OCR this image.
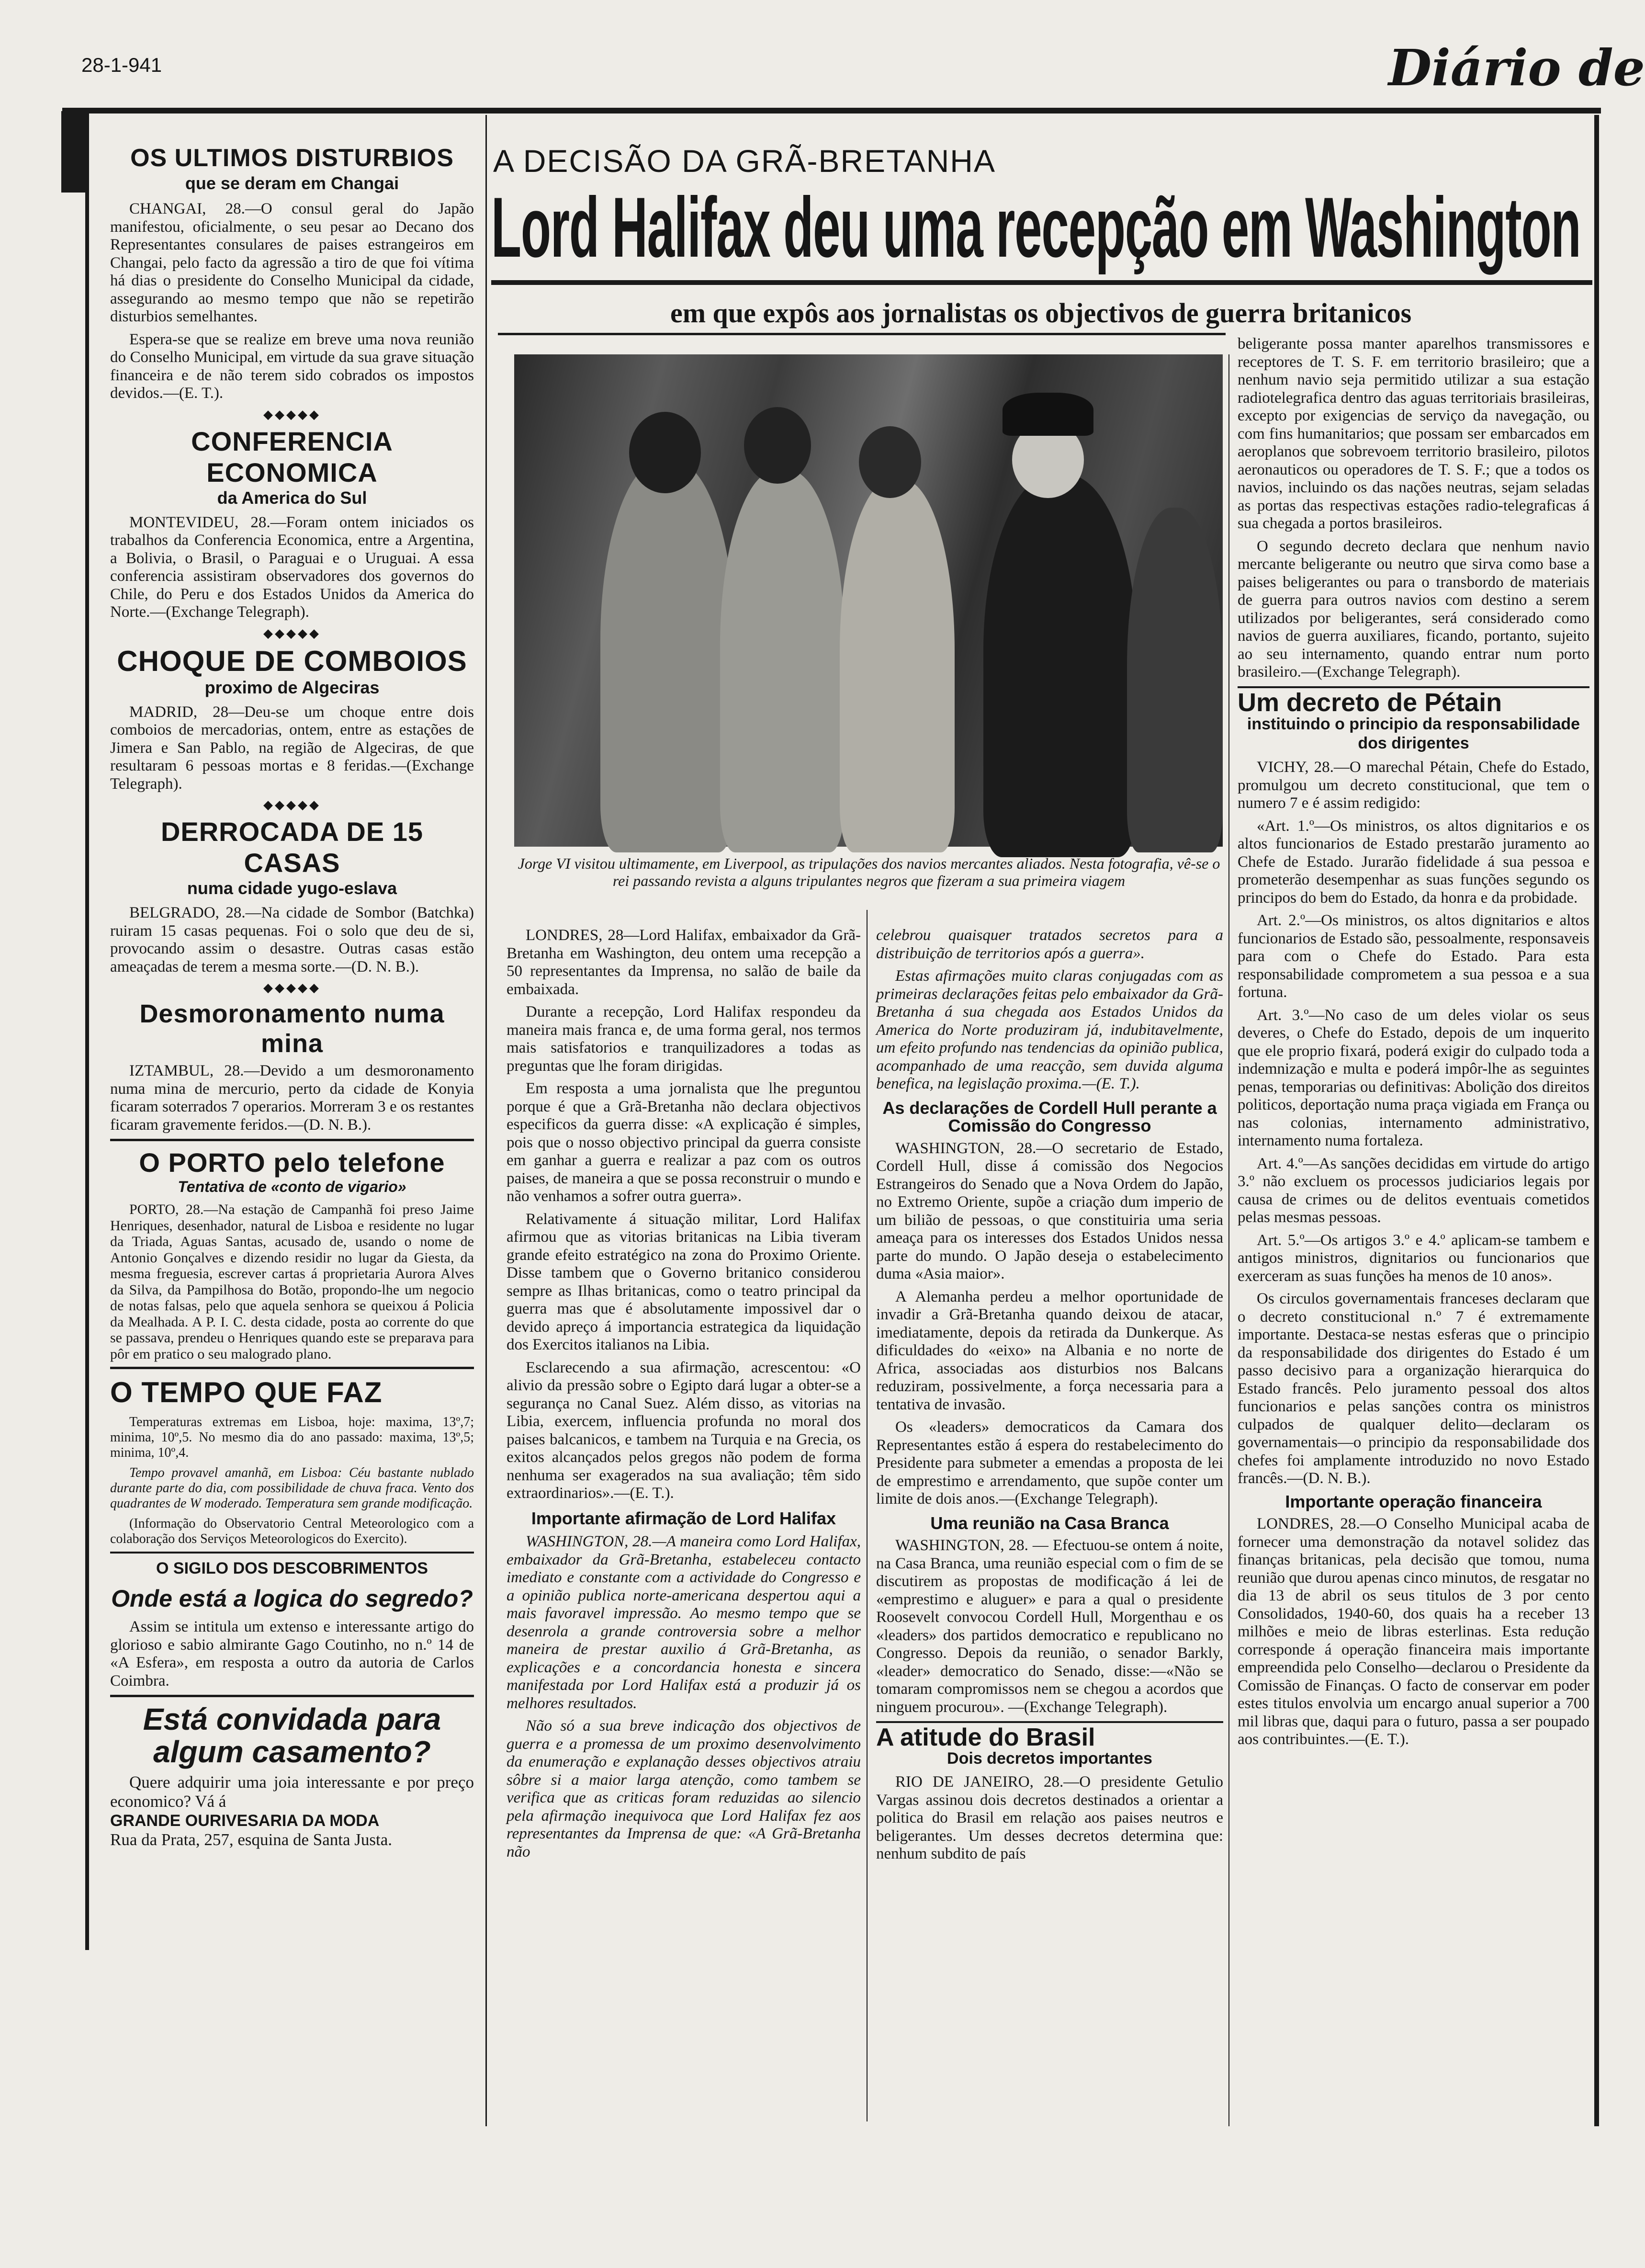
28-1-941	Diário de
OS ULTIMOS DISTURBIOS
que se deram em Changai

CHANGAI, 28.—O consul geral do Japão manifestou, oficialmente, o seu pesar ao Decano dos Representantes consulares de paises estrangeiros em Changai, pelo facto da agressão a tiro de que foi vítima há dias o presidente do Conselho Municipal da cidade, assegurando ao mesmo tempo que não se repetirão disturbios semelhantes.

Espera-se que se realize em breve uma nova reunião do Conselho Municipal, em virtude da sua grave situação financeira e de não terem sido cobrados os impostos devidos.—(E. T.).

◆◆◆◆◆
CONFERENCIA ECONOMICA
da America do Sul

MONTEVIDEU, 28.—Foram ontem iniciados os trabalhos da Conferencia Economica, entre a Argentina, a Bolivia, o Brasil, o Paraguai e o Uruguai. A essa conferencia assistiram observadores dos governos do Chile, do Peru e dos Estados Unidos da America do Norte.—(Exchange Telegraph).

◆◆◆◆◆
CHOQUE DE COMBOIOS
proximo de Algeciras

MADRID, 28—Deu-se um choque entre dois comboios de mercadorias, ontem, entre as estações de Jimera e San Pablo, na região de Algeciras, de que resultaram 6 pessoas mortas e 8 feridas.—(Exchange Telegraph).

◆◆◆◆◆
DERROCADA DE 15 CASAS
numa cidade yugo-eslava

BELGRADO, 28.—Na cidade de Sombor (Batchka) ruiram 15 casas pequenas. Foi o solo que deu de si, provocando assim o desastre. Outras casas estão ameaçadas de terem a mesma sorte.—(D. N. B.).

◆◆◆◆◆
Desmoronamento numa mina

IZTAMBUL, 28.—Devido a um desmoronamento numa mina de mercurio, perto da cidade de Konyia ficaram soterrados 7 operarios. Morreram 3 e os restantes ficaram gravemente feridos.—(D. N. B.).

O PORTO pelo telefone
Tentativa de «conto de vigario»

PORTO, 28.—Na estação de Campanhã foi preso Jaime Henriques, desenhador, natural de Lisboa e residente no lugar da Triada, Aguas Santas, acusado de, usando o nome de Antonio Gonçalves e dizendo residir no lugar da Giesta, da mesma freguesia, escrever cartas á proprietaria Aurora Alves da Silva, da Pampilhosa do Botão, propondo-lhe um negocio de notas falsas, pelo que aquela senhora se queixou á Policia da Mealhada. A P. I. C. desta cidade, posta ao corrente do que se passava, prendeu o Henriques quando este se preparava para pôr em pratico o seu malogrado plano.

O TEMPO QUE FAZ

Temperaturas extremas em Lisboa, hoje: maxima, 13º,7; minima, 10º,5. No mesmo dia do ano passado: maxima, 13º,5; minima, 10º,4.

Tempo provavel amanhã, em Lisboa: Céu bastante nublado durante parte do dia, com possibilidade de chuva fraca. Vento dos quadrantes de W moderado. Temperatura sem grande modificação.

(Informação do Observatorio Central Meteorologico com a colaboração dos Serviços Meteorologicos do Exercito).

O SIGILO DOS DESCOBRIMENTOS
Onde está a logica do segredo?

Assim se intitula um extenso e interessante artigo do glorioso e sabio almirante Gago Coutinho, no n.º 14 de «A Esfera», em resposta a outro da autoria de Carlos Coimbra.

Está convidada para algum casamento?
Quere adquirir uma joia interessante e por preço economico? Vá á
GRANDE OURIVESARIA DA MODA
Rua da Prata, 257, esquina de Santa Justa.
A DECISÃO DA GRÃ-BRETANHA
Lord Halifax deu uma recepção em Washington
em que expôs aos jornalistas os objectivos de guerra britanicos
Jorge VI visitou ultimamente, em Liverpool, as tripulações dos navios mercantes aliados. Nesta fotografia, vê-se o rei passando revista a alguns tripulantes negros que fizeram a sua primeira viagem

LONDRES, 28—Lord Halifax, embaixador da Grã-Bretanha em Washington, deu ontem uma recepção a 50 representantes da Imprensa, no salão de baile da embaixada.

Durante a recepção, Lord Halifax respondeu da maneira mais franca e, de uma forma geral, nos termos mais satisfatorios e tranquilizadores a todas as preguntas que lhe foram dirigidas.

Em resposta a uma jornalista que lhe preguntou porque é que a Grã-Bretanha não declara objectivos especificos da guerra disse: «A explicação é simples, pois que o nosso objectivo principal da guerra consiste em ganhar a guerra e realizar a paz com os outros paises, de maneira a que se possa reconstruir o mundo e não venhamos a sofrer outra guerra».

Relativamente á situação militar, Lord Halifax afirmou que as vitorias britanicas na Libia tiveram grande efeito estratégico na zona do Proximo Oriente. Disse tambem que o Governo britanico considerou sempre as Ilhas britanicas, como o teatro principal da guerra mas que é absolutamente impossivel dar o devido apreço á importancia estrategica da liquidação dos Exercitos italianos na Libia.

Esclarecendo a sua afirmação, acrescentou: «O alivio da pressão sobre o Egipto dará lugar a obter-se a segurança no Canal Suez. Além disso, as vitorias na Libia, exercem, influencia profunda no moral dos paises balcanicos, e tambem na Turquia e na Grecia, os exitos alcançados pelos gregos não podem de forma nenhuma ser exagerados na sua avaliação; têm sido extraordinarios».—(E. T.).

Importante afirmação de Lord Halifax

WASHINGTON, 28.—A maneira como Lord Halifax, embaixador da Grã-Bretanha, estabeleceu contacto imediato e constante com a actividade do Congresso e a opinião publica norte-americana despertou aqui a mais favoravel impressão. Ao mesmo tempo que se desenrola a grande controversia sobre a melhor maneira de prestar auxilio á Grã-Bretanha, as explicações e a concordancia honesta e sincera manifestada por Lord Halifax está a produzir já os melhores resultados.

Não só a sua breve indicação dos objectivos de guerra e a promessa de um proximo desenvolvimento da enumeração e explanação desses objectivos atraiu sôbre si a maior larga atenção, como tambem se verifica que as criticas foram reduzidas ao silencio pela afirmação inequivoca que Lord Halifax fez aos representantes da Imprensa de que: «A Grã-Bretanha não

celebrou quaisquer tratados secretos para a distribuição de territorios após a guerra».

Estas afirmações muito claras conjugadas com as primeiras declarações feitas pelo embaixador da Grã-Bretanha á sua chegada aos Estados Unidos da America do Norte produziram já, indubitavelmente, um efeito profundo nas tendencias da opinião publica, acompanhado de uma reacção, sem duvida alguma benefica, na legislação proxima.—(E. T.).

As declarações de Cordell Hull perante a Comissão do Congresso

WASHINGTON, 28.—O secretario de Estado, Cordell Hull, disse á comissão dos Negocios Estrangeiros do Senado que a Nova Ordem do Japão, no Extremo Oriente, supõe a criação dum imperio de um bilião de pessoas, o que constituiria uma seria ameaça para os interesses dos Estados Unidos nessa parte do mundo. O Japão deseja o estabelecimento duma «Asia maior».

A Alemanha perdeu a melhor oportunidade de invadir a Grã-Bretanha quando deixou de atacar, imediatamente, depois da retirada da Dunkerque. As dificuldades do «eixo» na Albania e no norte de Africa, associadas aos disturbios nos Balcans reduziram, possivelmente, a força necessaria para a tentativa de invasão.

Os «leaders» democraticos da Camara dos Representantes estão á espera do restabelecimento do Presidente para submeter a emendas a proposta de lei de emprestimo e arrendamento, que supõe conter um limite de dois anos.—(Exchange Telegraph).

Uma reunião na Casa Branca

WASHINGTON, 28. — Efectuou-se ontem á noite, na Casa Branca, uma reunião especial com o fim de se discutirem as propostas de modificação á lei de «emprestimo e aluguer» e para a qual o presidente Roosevelt convocou Cordell Hull, Morgenthau e os «leaders» dos partidos democratico e republicano no Congresso. Depois da reunião, o senador Barkly, «leader» democratico do Senado, disse:—«Não se tomaram compromissos nem se chegou a acordos que ninguem procurou». —(Exchange Telegraph).

A atitude do Brasil
Dois decretos importantes

RIO DE JANEIRO, 28.—O presidente Getulio Vargas assinou dois decretos destinados a orientar a politica do Brasil em relação aos paises neutros e beligerantes. Um desses decretos determina que: nenhum subdito de país

beligerante possa manter aparelhos transmissores e receptores de T. S. F. em territorio brasileiro; que a nenhum navio seja permitido utilizar a sua estação radiotelegrafica dentro das aguas territoriais brasileiras, excepto por exigencias de serviço da navegação, ou com fins humanitarios; que possam ser embarcados em aeroplanos que sobrevoem territorio brasileiro, pilotos aeronauticos ou operadores de T. S. F.; que a todos os navios, incluindo os das nações neutras, sejam seladas as portas das respectivas estações radio-telegraficas á sua chegada a portos brasileiros.

O segundo decreto declara que nenhum navio mercante beligerante ou neutro que sirva como base a paises beligerantes ou para o transbordo de materiais de guerra para outros navios com destino a serem utilizados por beligerantes, será considerado como navios de guerra auxiliares, ficando, portanto, sujeito ao seu internamento, quando entrar num porto brasileiro.—(Exchange Telegraph).

Um decreto de Pétain
instituindo o principio da responsabilidade dos dirigentes

VICHY, 28.—O marechal Pétain, Chefe do Estado, promulgou um decreto constitucional, que tem o numero 7 e é assim redigido:

«Art. 1.º—Os ministros, os altos dignitarios e os altos funcionarios de Estado prestarão juramento ao Chefe de Estado. Jurarão fidelidade á sua pessoa e prometerão desempenhar as suas funções segundo os principos do bem do Estado, da honra e da probidade.

Art. 2.º—Os ministros, os altos dignitarios e altos funcionarios de Estado são, pessoalmente, responsaveis para com o Chefe do Estado. Para esta responsabilidade comprometem a sua pessoa e a sua fortuna.

Art. 3.º—No caso de um deles violar os seus deveres, o Chefe do Estado, depois de um inquerito que ele proprio fixará, poderá exigir do culpado toda a indemnização e multa e poderá impôr-lhe as seguintes penas, temporarias ou definitivas: Abolição dos direitos politicos, deportação numa praça vigiada em França ou nas colonias, internamento administrativo, internamento numa fortaleza.

Art. 4.º—As sanções decididas em virtude do artigo 3.º não excluem os processos judiciarios legais por causa de crimes ou de delitos eventuais cometidos pelas mesmas pessoas.

Art. 5.º—Os artigos 3.º e 4.º aplicam-se tambem e antigos ministros, dignitarios ou funcionarios que exerceram as suas funções ha menos de 10 anos».

Os circulos governamentais franceses declaram que o decreto constitucional n.º 7 é extremamente importante. Destaca-se nestas esferas que o principio da responsabilidade dos dirigentes do Estado é um passo decisivo para a organização hierarquica do Estado francês. Pelo juramento pessoal dos altos funcionarios e pelas sanções contra os ministros culpados de qualquer delito—declaram os governamentais—o principio da responsabilidade dos chefes foi amplamente introduzido no novo Estado francês.—(D. N. B.).

Importante operação financeira

LONDRES, 28.—O Conselho Municipal acaba de fornecer uma demonstração da notavel solidez das finanças britanicas, pela decisão que tomou, numa reunião que durou apenas cinco minutos, de resgatar no dia 13 de abril os seus titulos de 3 por cento Consolidados, 1940-60, dos quais ha a receber 13 milhões e meio de libras esterlinas. Esta redução corresponde á operação financeira mais importante empreendida pelo Conselho—declarou o Presidente da Comissão de Finanças. O facto de conservar em poder estes titulos envolvia um encargo anual superior a 700 mil libras que, daqui para o futuro, passa a ser poupado aos contribuintes.—(E. T.).
